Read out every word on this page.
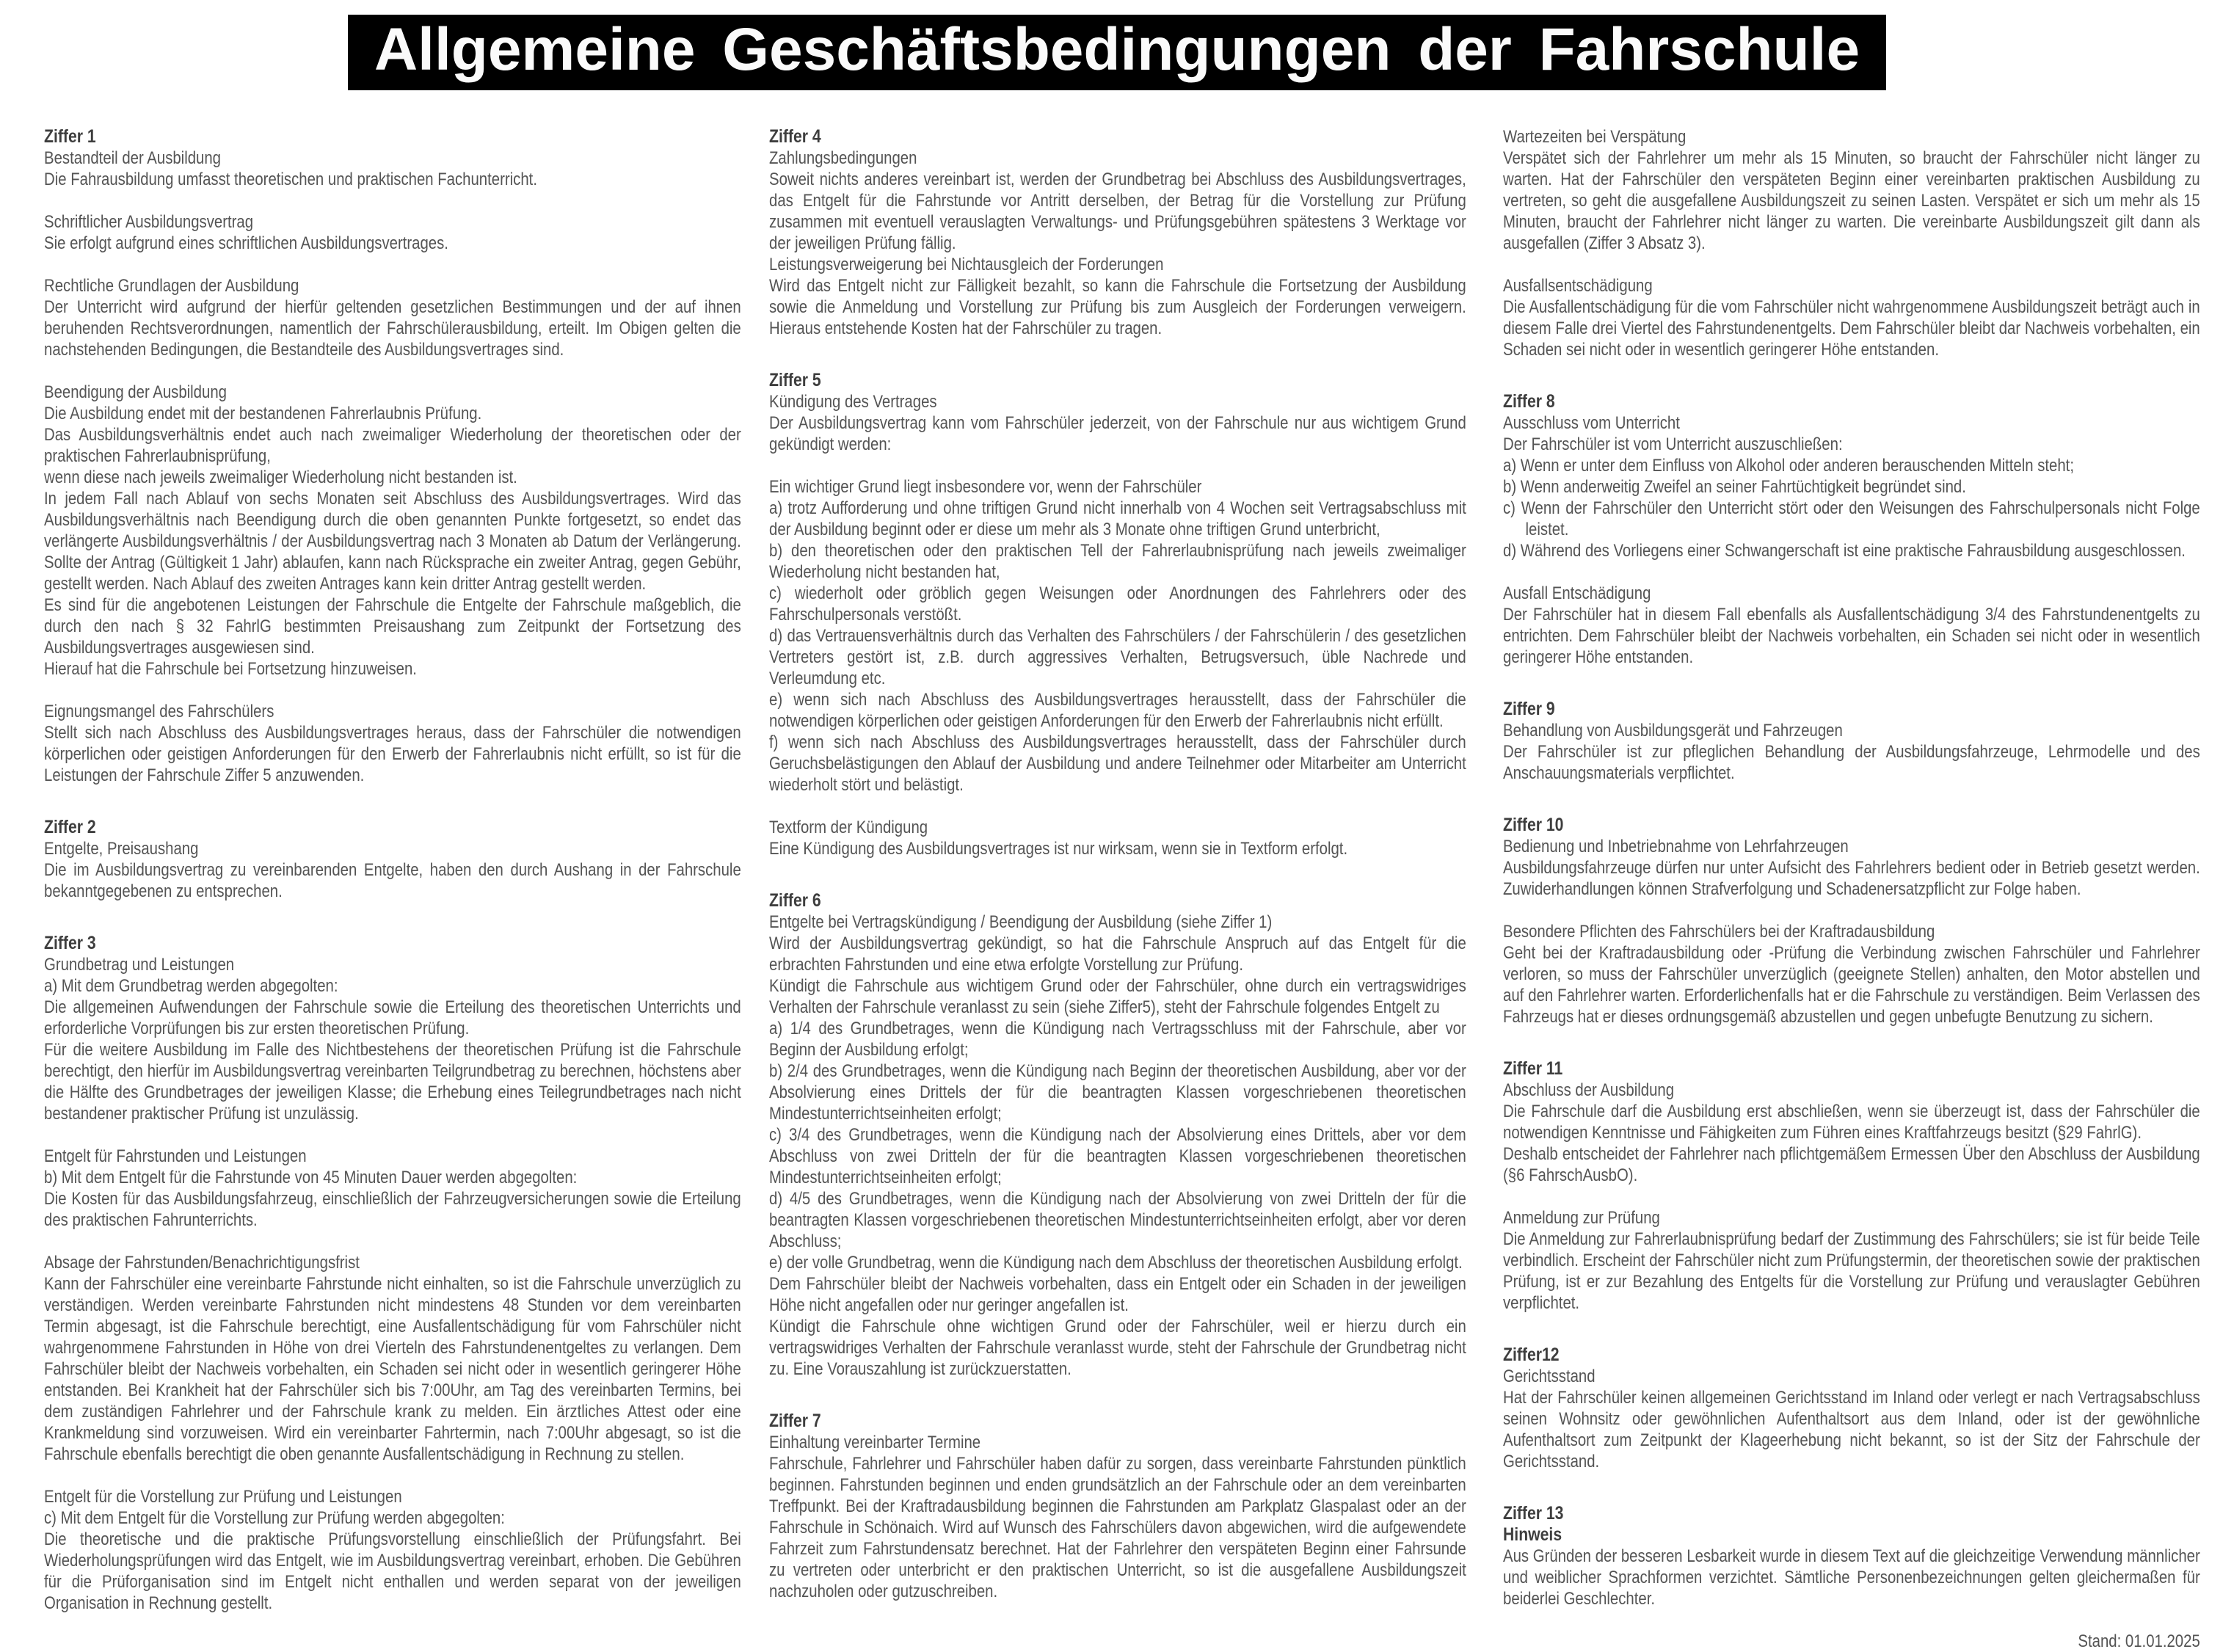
Allgemeine Geschäftsbedingungen der Fahrschule
Ziffer 1
Bestandteil der Ausbildung
Die Fahrausbildung umfasst theoretischen und praktischen Fachunterricht.
Schriftlicher Ausbildungsvertrag
Sie erfolgt aufgrund eines schriftlichen Ausbildungsvertrages.
Rechtliche Grundlagen der Ausbildung
Der Unterricht wird aufgrund der hierfür geltenden gesetzlichen Bestimmungen und der auf ihnen beruhenden Rechtsverordnungen, namentlich der Fahrschülerausbildung, erteilt. Im Obigen gelten die nachstehenden Bedingungen, die Bestandteile des Ausbildungsvertrages sind.
Beendigung der Ausbildung
Die Ausbildung endet mit der bestandenen Fahrerlaubnis Prüfung.
Das Ausbildungsverhältnis endet auch nach zweimaliger Wiederholung der theoretischen oder der praktischen Fahrerlaubnisprüfung,
wenn diese nach jeweils zweimaliger Wiederholung nicht bestanden ist.
In jedem Fall nach Ablauf von sechs Monaten seit Abschluss des Ausbildungsvertrages. Wird das Ausbildungsverhältnis nach Beendigung durch die oben genannten Punkte fortgesetzt, so endet das verlängerte Ausbildungsverhältnis / der Ausbildungsvertrag nach 3 Monaten ab Datum der Verlängerung. Sollte der Antrag (Gültigkeit 1 Jahr) ablaufen, kann nach Rücksprache ein zweiter Antrag, gegen Gebühr, gestellt werden. Nach Ablauf des zweiten Antrages kann kein dritter Antrag gestellt werden.
Es sind für die angebotenen Leistungen der Fahrschule die Entgelte der Fahrschule maßgeblich, die durch den nach § 32 FahrlG bestimmten Preisaushang zum Zeitpunkt der Fortsetzung des Ausbildungsvertrages ausgewiesen sind.
Hierauf hat die Fahrschule bei Fortsetzung hinzuweisen.
Eignungsmangel des Fahrschülers
Stellt sich nach Abschluss des Ausbildungsvertrages heraus, dass der Fahrschüler die notwendigen körperlichen oder geistigen Anforderungen für den Erwerb der Fahrerlaubnis nicht erfüllt, so ist für die Leistungen der Fahrschule Ziffer 5 anzuwenden.
Ziffer 2
Entgelte, Preisaushang
Die im Ausbildungsvertrag zu vereinbarenden Entgelte, haben den durch Aushang in der Fahrschule bekanntgegebenen zu entsprechen.
Ziffer 3
Grundbetrag und Leistungen
a) Mit dem Grundbetrag werden abgegolten:
Die allgemeinen Aufwendungen der Fahrschule sowie die Erteilung des theoretischen Unterrichts und erforderliche Vorprüfungen bis zur ersten theoretischen Prüfung.
Für die weitere Ausbildung im Falle des Nichtbestehens der theoretischen Prüfung ist die Fahrschule berechtigt, den hierfür im Ausbildungsvertrag vereinbarten Teilgrundbetrag zu berechnen, höchstens aber die Hälfte des Grundbetrages der jeweiligen Klasse; die Erhebung eines Teilegrundbetrages nach nicht bestandener praktischer Prüfung ist unzulässig.
Entgelt für Fahrstunden und Leistungen
b) Mit dem Entgelt für die Fahrstunde von 45 Minuten Dauer werden abgegolten:
Die Kosten für das Ausbildungsfahrzeug, einschließlich der Fahrzeugversicherungen sowie die Erteilung des praktischen Fahrunterrichts.
Absage der Fahrstunden/Benachrichtigungsfrist
Kann der Fahrschüler eine vereinbarte Fahrstunde nicht einhalten, so ist die Fahrschule unverzüglich zu verständigen. Werden vereinbarte Fahrstunden nicht mindestens 48 Stunden vor dem vereinbarten Termin abgesagt, ist die Fahrschule berechtigt, eine Ausfallentschädigung für vom Fahrschüler nicht wahrgenommene Fahrstunden in Höhe von drei Vierteln des Fahrstundenentgeltes zu verlangen. Dem Fahrschüler bleibt der Nachweis vorbehalten, ein Schaden sei nicht oder in wesentlich geringerer Höhe entstanden. Bei Krankheit hat der Fahrschüler sich bis 7:00Uhr, am Tag des vereinbarten Termins, bei dem zuständigen Fahrlehrer und der Fahrschule krank zu melden. Ein ärztliches Attest oder eine Krankmeldung sind vorzuweisen. Wird ein vereinbarter Fahrtermin, nach 7:00Uhr abgesagt, so ist die Fahrschule ebenfalls berechtigt die oben genannte Ausfallentschädigung in Rechnung zu stellen.
Entgelt für die Vorstellung zur Prüfung und Leistungen
c) Mit dem Entgelt für die Vorstellung zur Prüfung werden abgegolten:
Die theoretische und die praktische Prüfungsvorstellung einschließlich der Prüfungsfahrt. Bei Wiederholungsprüfungen wird das Entgelt, wie im Ausbildungsvertrag vereinbart, erhoben. Die Gebühren für die Prüforganisation sind im Entgelt nicht enthallen und werden separat von der jeweiligen Organisation in Rechnung gestellt.
Ziffer 4
Zahlungsbedingungen
Soweit nichts anderes vereinbart ist, werden der Grundbetrag bei Abschluss des Ausbildungsvertrages, das Entgelt für die Fahrstunde vor Antritt derselben, der Betrag für die Vorstellung zur Prüfung zusammen mit eventuell verauslagten Verwaltungs- und Prüfungsgebühren spätestens 3 Werktage vor der jeweiligen Prüfung fällig.
Leistungsverweigerung bei Nichtausgleich der Forderungen
Wird das Entgelt nicht zur Fälligkeit bezahlt, so kann die Fahrschule die Fortsetzung der Ausbildung sowie die Anmeldung und Vorstellung zur Prüfung bis zum Ausgleich der Forderungen verweigern. Hieraus entstehende Kosten hat der Fahrschüler zu tragen.
Ziffer 5
Kündigung des Vertrages
Der Ausbildungsvertrag kann vom Fahrschüler jederzeit, von der Fahrschule nur aus wichtigem Grund gekündigt werden:
Ein wichtiger Grund liegt insbesondere vor, wenn der Fahrschüler
a) trotz Aufforderung und ohne triftigen Grund nicht innerhalb von 4 Wochen seit Vertragsabschluss mit der Ausbildung beginnt oder er diese um mehr als 3 Monate ohne triftigen Grund unterbricht,
b) den theoretischen oder den praktischen Tell der Fahrerlaubnisprüfung nach jeweils zweimaliger Wiederholung nicht bestanden hat,
c) wiederholt oder gröblich gegen Weisungen oder Anordnungen des Fahrlehrers oder des Fahrschulpersonals verstößt.
d) das Vertrauensverhältnis durch das Verhalten des Fahrschülers / der Fahrschülerin / des gesetzlichen Vertreters gestört ist, z.B. durch aggressives Verhalten, Betrugsversuch, üble Nachrede und Verleumdung etc.
e) wenn sich nach Abschluss des Ausbildungsvertrages herausstellt, dass der Fahrschüler die notwendigen körperlichen oder geistigen Anforderungen für den Erwerb der Fahrerlaubnis nicht erfüllt.
f) wenn sich nach Abschluss des Ausbildungsvertrages herausstellt, dass der Fahrschüler durch Geruchsbelästigungen den Ablauf der Ausbildung und andere Teilnehmer oder Mitarbeiter am Unterricht wiederholt stört und belästigt.
Textform der Kündigung
Eine Kündigung des Ausbildungsvertrages ist nur wirksam, wenn sie in Textform erfolgt.
Ziffer 6
Entgelte bei Vertragskündigung / Beendigung der Ausbildung (siehe Ziffer 1)
Wird der Ausbildungsvertrag gekündigt, so hat die Fahrschule Anspruch auf das Entgelt für die erbrachten Fahrstunden und eine etwa erfolgte Vorstellung zur Prüfung.
Kündigt die Fahrschule aus wichtigem Grund oder der Fahrschüler, ohne durch ein vertragswidriges Verhalten der Fahrschule veranlasst zu sein (siehe Ziffer5), steht der Fahrschule folgendes Entgelt zu
a) 1/4 des Grundbetrages, wenn die Kündigung nach Vertragsschluss mit der Fahrschule, aber vor Beginn der Ausbildung erfolgt;
b) 2/4 des Grundbetrages, wenn die Kündigung nach Beginn der theoretischen Ausbildung, aber vor der Absolvierung eines Drittels der für die beantragten Klassen vorgeschriebenen theoretischen Mindestunterrichtseinheiten erfolgt;
c) 3/4 des Grundbetrages, wenn die Kündigung nach der Absolvierung eines Drittels, aber vor dem Abschluss von zwei Dritteln der für die beantragten Klassen vorgeschriebenen theoretischen Mindestunterrichtseinheiten erfolgt;
d) 4/5 des Grundbetrages, wenn die Kündigung nach der Absolvierung von zwei Dritteln der für die beantragten Klassen vorgeschriebenen theoretischen Mindestunterrichtseinheiten erfolgt, aber vor deren Abschluss;
e) der volle Grundbetrag, wenn die Kündigung nach dem Abschluss der theoretischen Ausbildung erfolgt.
Dem Fahrschüler bleibt der Nachweis vorbehalten, dass ein Entgelt oder ein Schaden in der jeweiligen Höhe nicht angefallen oder nur geringer angefallen ist.
Kündigt die Fahrschule ohne wichtigen Grund oder der Fahrschüler, weil er hierzu durch ein vertragswidriges Verhalten der Fahrschule veranlasst wurde, steht der Fahrschule der Grundbetrag nicht zu. Eine Vorauszahlung ist zurückzuerstatten.
Ziffer 7
Einhaltung vereinbarter Termine
Fahrschule, Fahrlehrer und Fahrschüler haben dafür zu sorgen, dass vereinbarte Fahrstunden pünktlich beginnen. Fahrstunden beginnen und enden grundsätzlich an der Fahrschule oder an dem vereinbarten Treffpunkt. Bei der Kraftradausbildung beginnen die Fahrstunden am Parkplatz Glaspalast oder an der Fahrschule in Schönaich. Wird auf Wunsch des Fahrschülers davon abgewichen, wird die aufgewendete Fahrzeit zum Fahrstundensatz berechnet. Hat der Fahrlehrer den verspäteten Beginn einer Fahrsunde zu vertreten oder unterbricht er den praktischen Unterricht, so ist die ausgefallene Ausbildungszeit nachzuholen oder gutzuschreiben.
Wartezeiten bei Verspätung
Verspätet sich der Fahrlehrer um mehr als 15 Minuten, so braucht der Fahrschüler nicht länger zu warten. Hat der Fahrschüler den verspäteten Beginn einer vereinbarten praktischen Ausbildung zu vertreten, so geht die ausgefallene Ausbildungszeit zu seinen Lasten. Verspätet er sich um mehr als 15 Minuten, braucht der Fahrlehrer nicht länger zu warten. Die vereinbarte Ausbildungszeit gilt dann als ausgefallen (Ziffer 3 Absatz 3).
Ausfallsentschädigung
Die Ausfallentschädigung für die vom Fahrschüler nicht wahrgenommene Ausbildungszeit beträgt auch in diesem Falle drei Viertel des Fahrstundenentgelts. Dem Fahrschüler bleibt dar Nachweis vorbehalten, ein Schaden sei nicht oder in wesentlich geringerer Höhe entstanden.
Ziffer 8
Ausschluss vom Unterricht
Der Fahrschüler ist vom Unterricht auszuschließen:
a) Wenn er unter dem Einfluss von Alkohol oder anderen berauschenden Mitteln steht;
b) Wenn anderweitig Zweifel an seiner Fahrtüchtigkeit begründet sind.
c) Wenn der Fahrschüler den Unterricht stört oder den Weisungen des Fahrschulpersonals nicht Folge leistet.
d) Während des Vorliegens einer Schwangerschaft ist eine praktische Fahrausbildung ausgeschlossen.
Ausfall Entschädigung
Der Fahrschüler hat in diesem Fall ebenfalls als Ausfallentschädigung 3/4 des Fahrstundenentgelts zu entrichten. Dem Fahrschüler bleibt der Nachweis vorbehalten, ein Schaden sei nicht oder in wesentlich geringerer Höhe entstanden.
Ziffer 9
Behandlung von Ausbildungsgerät und Fahrzeugen
Der Fahrschüler ist zur pfleglichen Behandlung der Ausbildungsfahrzeuge, Lehrmodelle und des Anschauungsmaterials verpflichtet.
Ziffer 10
Bedienung und Inbetriebnahme von Lehrfahrzeugen
Ausbildungsfahrzeuge dürfen nur unter Aufsicht des Fahrlehrers bedient oder in Betrieb gesetzt werden. Zuwiderhandlungen können Strafverfolgung und Schadenersatzpflicht zur Folge haben.
Besondere Pflichten des Fahrschülers bei der Kraftradausbildung
Geht bei der Kraftradausbildung oder -Prüfung die Verbindung zwischen Fahrschüler und Fahrlehrer verloren, so muss der Fahrschüler unverzüglich (geeignete Stellen) anhalten, den Motor abstellen und auf den Fahrlehrer warten. Erforderlichenfalls hat er die Fahrschule zu verständigen. Beim Verlassen des Fahrzeugs hat er dieses ordnungsgemäß abzustellen und gegen unbefugte Benutzung zu sichern.
Ziffer 11
Abschluss der Ausbildung
Die Fahrschule darf die Ausbildung erst abschließen, wenn sie überzeugt ist, dass der Fahrschüler die notwendigen Kenntnisse und Fähigkeiten zum Führen eines Kraftfahrzeugs besitzt (§29 FahrlG).
Deshalb entscheidet der Fahrlehrer nach pflichtgemäßem Ermessen Über den Abschluss der Ausbildung (§6 FahrschAusbO).
Anmeldung zur Prüfung
Die Anmeldung zur Fahrerlaubnisprüfung bedarf der Zustimmung des Fahrschülers; sie ist für beide Teile verbindlich. Erscheint der Fahrschüler nicht zum Prüfungstermin, der theoretischen sowie der praktischen Prüfung, ist er zur Bezahlung des Entgelts für die Vorstellung zur Prüfung und verauslagter Gebühren verpflichtet.
Ziffer12
Gerichtsstand
Hat der Fahrschüler keinen allgemeinen Gerichtsstand im Inland oder verlegt er nach Vertragsabschluss seinen Wohnsitz oder gewöhnlichen Aufenthaltsort aus dem Inland, oder ist der gewöhnliche Aufenthaltsort zum Zeitpunkt der Klageerhebung nicht bekannt, so ist der Sitz der Fahrschule der Gerichtsstand.
Ziffer 13
Hinweis
Aus Gründen der besseren Lesbarkeit wurde in diesem Text auf die gleichzeitige Verwendung männlicher und weiblicher Sprachformen verzichtet. Sämtliche Personenbezeichnungen gelten gleichermaßen für beiderlei Geschlechter.
Stand: 01.01.2025
